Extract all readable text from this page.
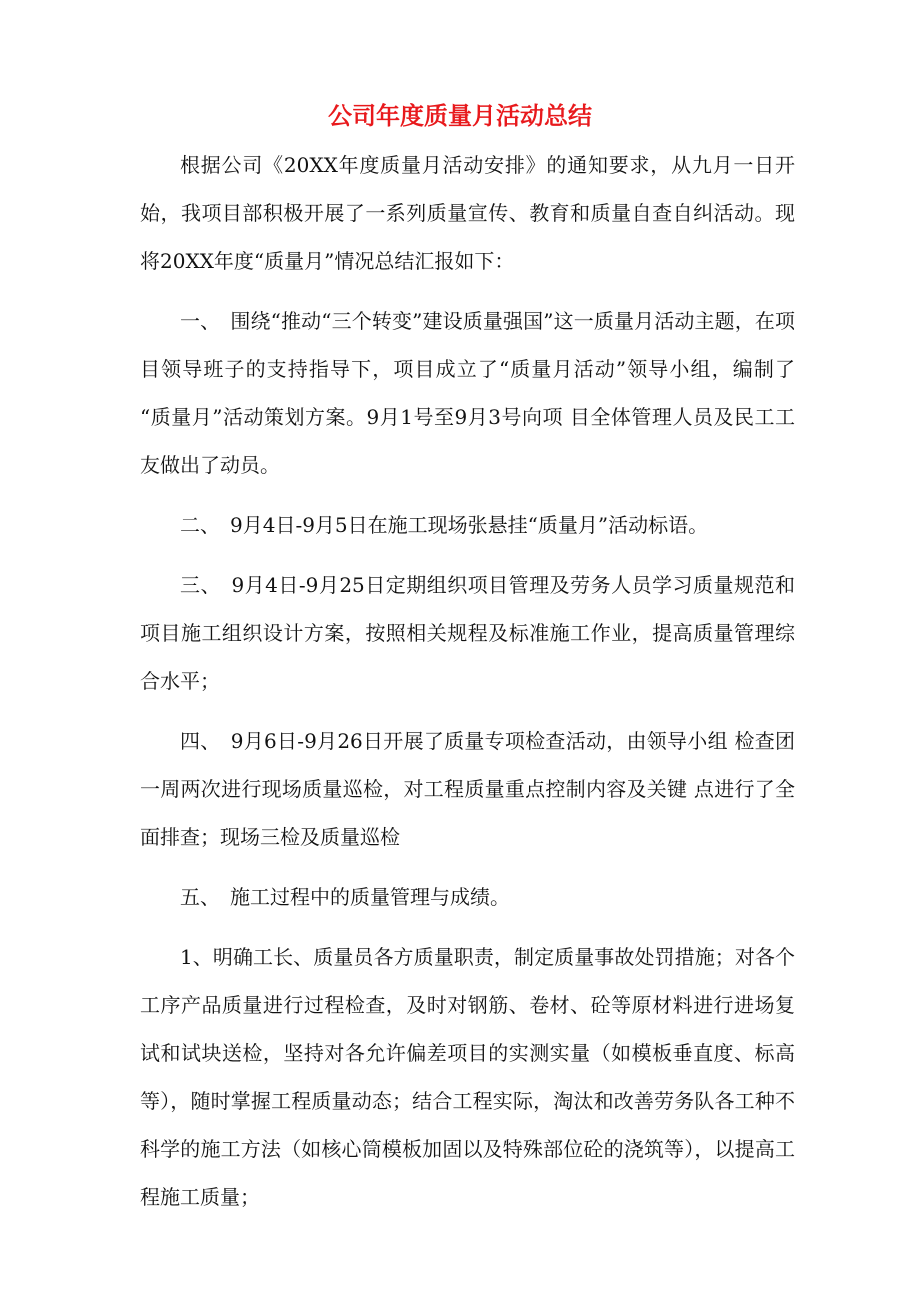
公司年度质量月活动总结

根据公司《20XX年度质量月活动安排》的通知要求，从九月一日开始，我项目部积极开展了一系列质量宣传、教育和质量自查自纠活动。现将20XX年度“质量月”情况总结汇报如下：

一、　围绕“推动“三个转变”建设质量强国”这一质量月活动主题，在项目领导班子的支持指导下，项目成立了“质量月活动”领导小组，编制了 “质量月”活动策划方案。9月1号至9月3号向项 目全体管理人员及民工工友做出了动员。

二、　9月4日-9月5日在施工现场张悬挂“质量月”活动标语。

三、　9月4日-9月25日定期组织项目管理及劳务人员学习质量规范和项目施工组织设计方案，按照相关规程及标准施工作业，提高质量管理综合水平；

四、　9月6日-9月26日开展了质量专项检查活动，由领导小组 检查团一周两次进行现场质量巡检，对工程质量重点控制内容及关键 点进行了全面排查；现场三检及质量巡检

五、　施工过程中的质量管理与成绩。

1、明确工长、质量员各方质量职责，制定质量事故处罚措施；对各个工序产品质量进行过程检查，及时对钢筋、卷材、砼等原材料进行进场复试和试块送检，坚持对各允许偏差项目的实测实量（如模板垂直度、标高等），随时掌握工程质量动态；结合工程实际，淘汰和改善劳务队各工种不科学的施工方法（如核心筒模板加固以及特殊部位砼的浇筑等），以提高工程施工质量；
